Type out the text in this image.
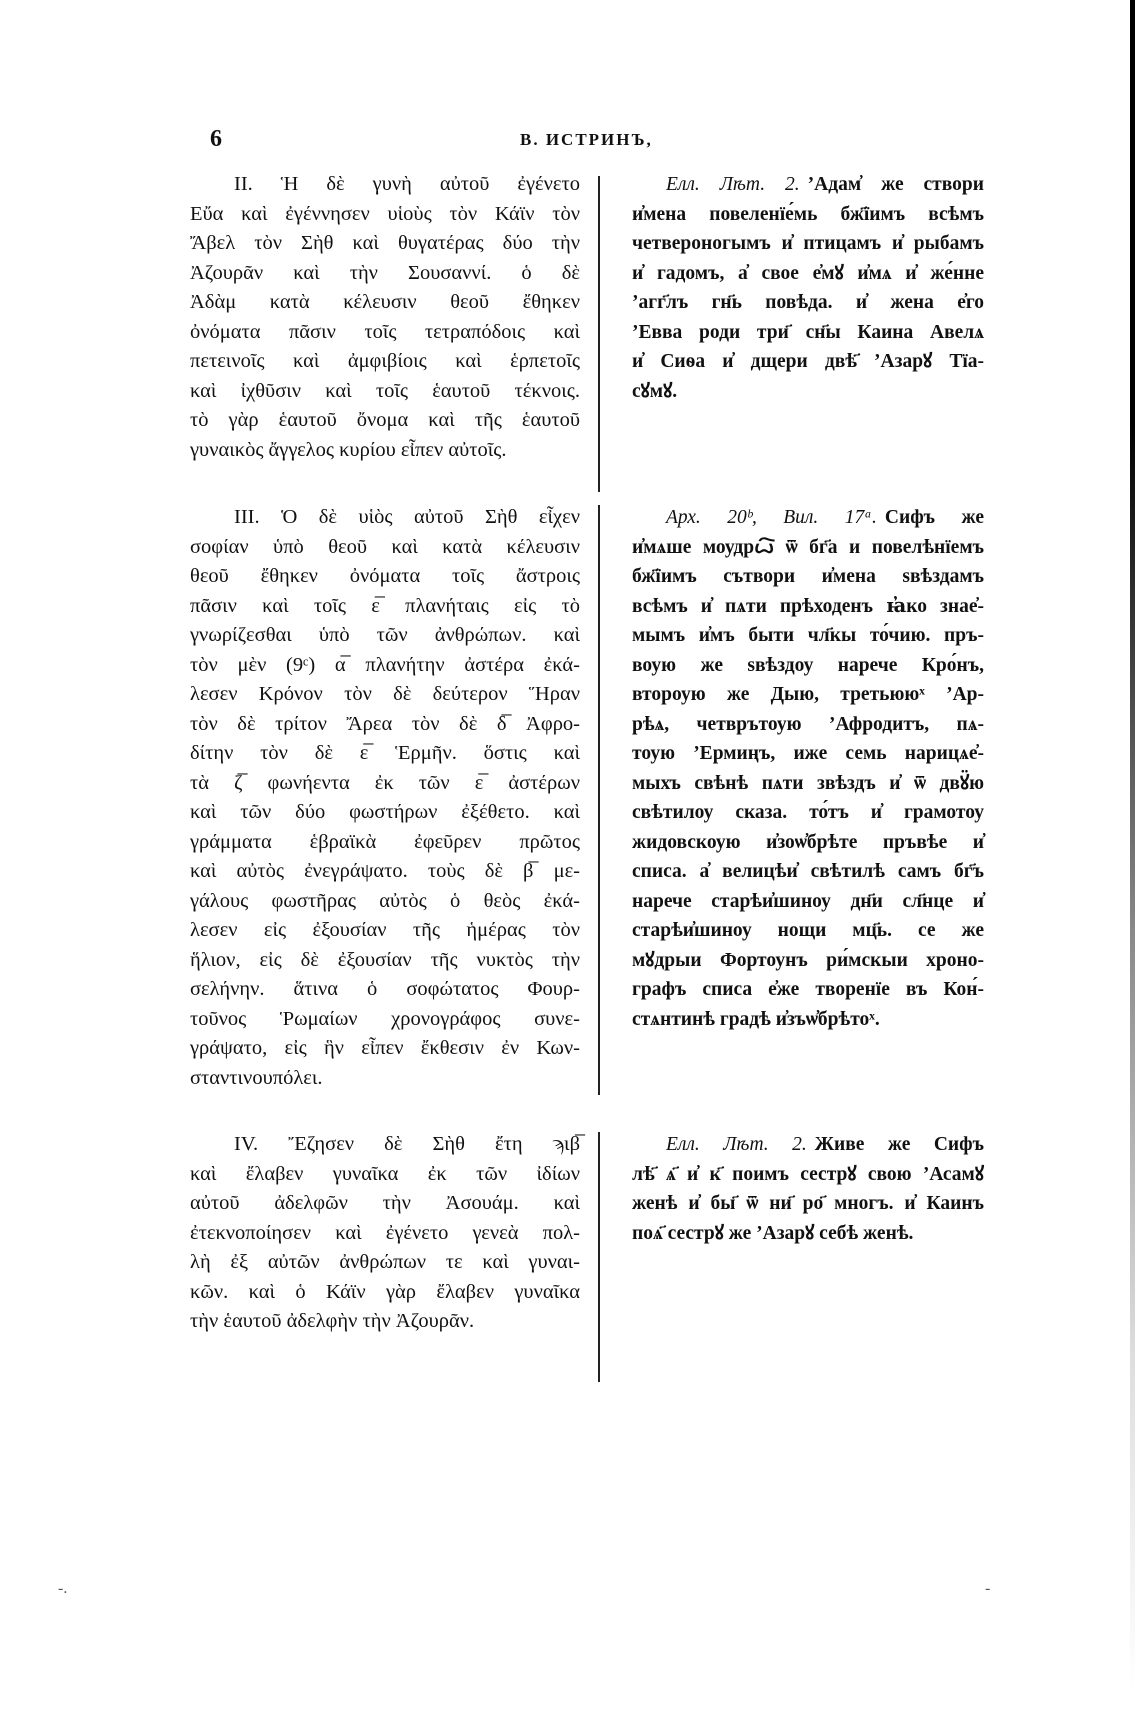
6	В. ИСТРИНЪ,
II. Ἡ δὲ γυνὴ αὐτοῦ ἐγένετο
Εὔα καὶ ἐγέννησεν υἱοὺς τὸν Κάϊν τὸν
Ἄβελ τὸν Σὴθ καὶ θυγατέρας δύο τὴν
Ἀζουρᾶν καὶ τὴν Σουσαννί. ὁ δὲ
Ἀδὰμ κατὰ κέλευσιν θεοῦ ἔθηκεν
ὀνόματα πᾶσιν τοῖς τετραπόδοις καὶ
πετεινοῖς καὶ ἀμφιβίοις καὶ ἑρπετοῖς
καὶ ἰχθῦσιν καὶ τοῖς ἑαυτοῦ τέκνοις.
τὸ γὰρ ἑαυτοῦ ὄνομα καὶ τῆς ἑαυτοῦ
γυναικὸς ἄγγελος κυρίου εἶπεν αὐτοῖς.
Елл. Лѣт. 2. ’Адам̓ же створи
и̓мена повеленїе́мь бж҃їимъ всѣмъ
четвероногымъ и̓ птицамъ и̓ рыбамъ
и̓ гадомъ, а̓ свое е̓мꙋ и̓мѧ и̓ же́нне
’агг҃лъ гн҃ь повѣда. и̓ жена е̓го
’Евва роди три҃ сн҃ы Каина Авелѧ
и̓ Сиѳа и̓ дщери двѣ҃ ’Азарꙋ Тїа-
сꙋмꙋ.
III. Ὁ δὲ υἱὸς αὐτοῦ Σὴθ εἶχεν
σοφίαν ὑπὸ θεοῦ καὶ κατὰ κέλευσιν
θεοῦ ἔθηκεν ὀνόματα τοῖς ἄστροις
πᾶσιν καὶ τοῖς ε̅ πλανήταις εἰς τὸ
γνωρίζεσθαι ὑπὸ τῶν ἀνθρώπων. καὶ
τὸν μὲν (9ᶜ) α̅ πλανήτην ἀστέρα ἐκά-
λεσεν Κρόνον τὸν δὲ δεύτερον Ἥραν
τὸν δὲ τρίτον Ἄρεα τὸν δὲ δ̅ Ἀφρο-
δίτην τὸν δὲ ε̅ Ἑρμῆν. ὅστις καὶ
τὰ ζ̅ φωνήεντα ἐκ τῶν ε̅ ἀστέρων
καὶ τῶν δύο φωστήρων ἐξέθετο. καὶ
γράμματα ἑβραϊκὰ ἐφεῦρεν πρῶτος
καὶ αὐτὸς ἐνεγράψατο. τοὺς δὲ β̅ με-
γάλους φωστῆρας αὐτὸς ὁ θεὸς ἐκά-
λεσεν εἰς ἐξουσίαν τῆς ἡμέρας τὸν
ἥλιον, εἰς δὲ ἐξουσίαν τῆς νυκτὸς τὴν
σελήνην. ἅτινα ὁ σοφώτατος Φουρ-
τοῦνος Ῥωμαίων χρονογράφος συνε-
γράψατο, εἰς ἣν εἶπεν ἔκθεσιν ἐν Κων-
σταντινουπόλει.
Арх. 20ᵇ, Вил. 17ᵃ. Сифъ же
и̓мѧше моудрꙍ҇ ѿ бг҃а и повелѣнїемъ
бж҃їимъ сътвори и̓мена ѕвѣздамъ
всѣмъ и̓ пѧти прѣходенъ ꙗ̓ко знае̓-
мымъ и̓мъ быти чл҃кы то́чию. пръ-
воую же ѕвѣздоу нарече Кро́нъ,
второую же Дыю, третьююˣ ’Ар-
рѣѧ, четврътоую ’Афродитъ, пѧ-
тоую ’Ермиңъ, иже семь нарицѧе̓-
мыхъ свѣнѣ пѧти звѣздъ и̓ ѿ двꙋ̈ю
свѣтилоу сказа. то́тъ и̓ грамотоу
жидовскоую и̓зоѡ̓брѣте пръвѣе и̓
списа. а̓ велицѣи̓ свѣтилѣ самъ бг҃ъ
нарече старѣи̓шиноу дн҃и сл҃нце и̓
старѣи̓шиноу нощи мц҃ь. се же
мꙋдрыи Фортоунъ ри́мскыи хроно-
графъ списа е̓же творенїе въ Кон́-
стѧнтинѣ градѣ и̓зъѡ̓брѣтоˣ.
IV. Ἔζησεν δὲ Σὴθ ἔτη ϡιβ̅
καὶ ἔλαβεν γυναῖκα ἐκ τῶν ἰδίων
αὐτοῦ ἀδελφῶν τὴν Ἀσουάμ. καὶ
ἐτεκνοποίησεν καὶ ἐγένετο γενεὰ πολ-
λὴ ἐξ αὐτῶν ἀνθρώπων τε καὶ γυναι-
κῶν. καὶ ὁ Κάϊν γὰρ ἔλαβεν γυναῖκα
τὴν ἑαυτοῦ ἀδελφὴν τὴν Ἀζουρᾶν.
Елл. Лѣт. 2. Живе же Сифъ
лѣ҃ ѧ҃ и̓ к҃ поимъ сестрꙋ свою ’Асамꙋ
женѣ и̓ бы҃ ѿ ни҃ ро҃ многъ. и̓ Каинъ
поѧ҃ сестрꙋ же ’Азарꙋ себѣ женѣ.
-.	-
